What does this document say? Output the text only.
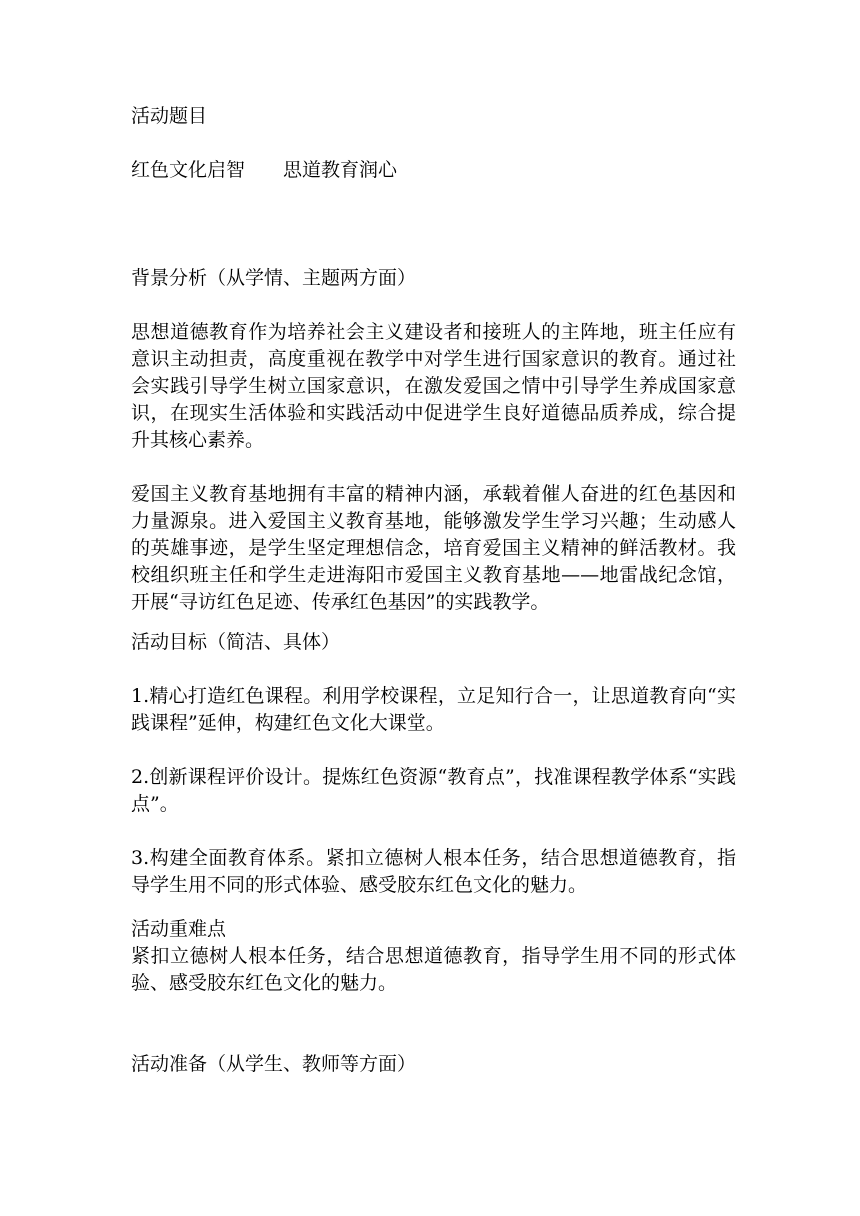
活动题目
红色文化启智 思道教育润心
背景分析（从学情、主题两方面）
思想道德教育作为培养社会主义建设者和接班人的主阵地，班主任应有意识主动担责，高度重视在教学中对学生进行国家意识的教育。通过社会实践引导学生树立国家意识，在激发爱国之情中引导学生养成国家意识，在现实生活体验和实践活动中促进学生良好道德品质养成，综合提升其核心素养。
爱国主义教育基地拥有丰富的精神内涵，承载着催人奋进的红色基因和力量源泉。进入爱国主义教育基地，能够激发学生学习兴趣；生动感人的英雄事迹，是学生坚定理想信念，培育爱国主义精神的鲜活教材。我校组织班主任和学生走进海阳市爱国主义教育基地——地雷战纪念馆，开展“寻访红色足迹、传承红色基因”的实践教学。
活动目标（简洁、具体）
1.精心打造红色课程。利用学校课程，立足知行合一，让思道教育向“实践课程”延伸，构建红色文化大课堂。
2.创新课程评价设计。提炼红色资源“教育点”，找准课程教学体系“实践点”。
3.构建全面教育体系。紧扣立德树人根本任务，结合思想道德教育，指导学生用不同的形式体验、感受胶东红色文化的魅力。
活动重难点
紧扣立德树人根本任务，结合思想道德教育，指导学生用不同的形式体验、感受胶东红色文化的魅力。
活动准备（从学生、教师等方面）
